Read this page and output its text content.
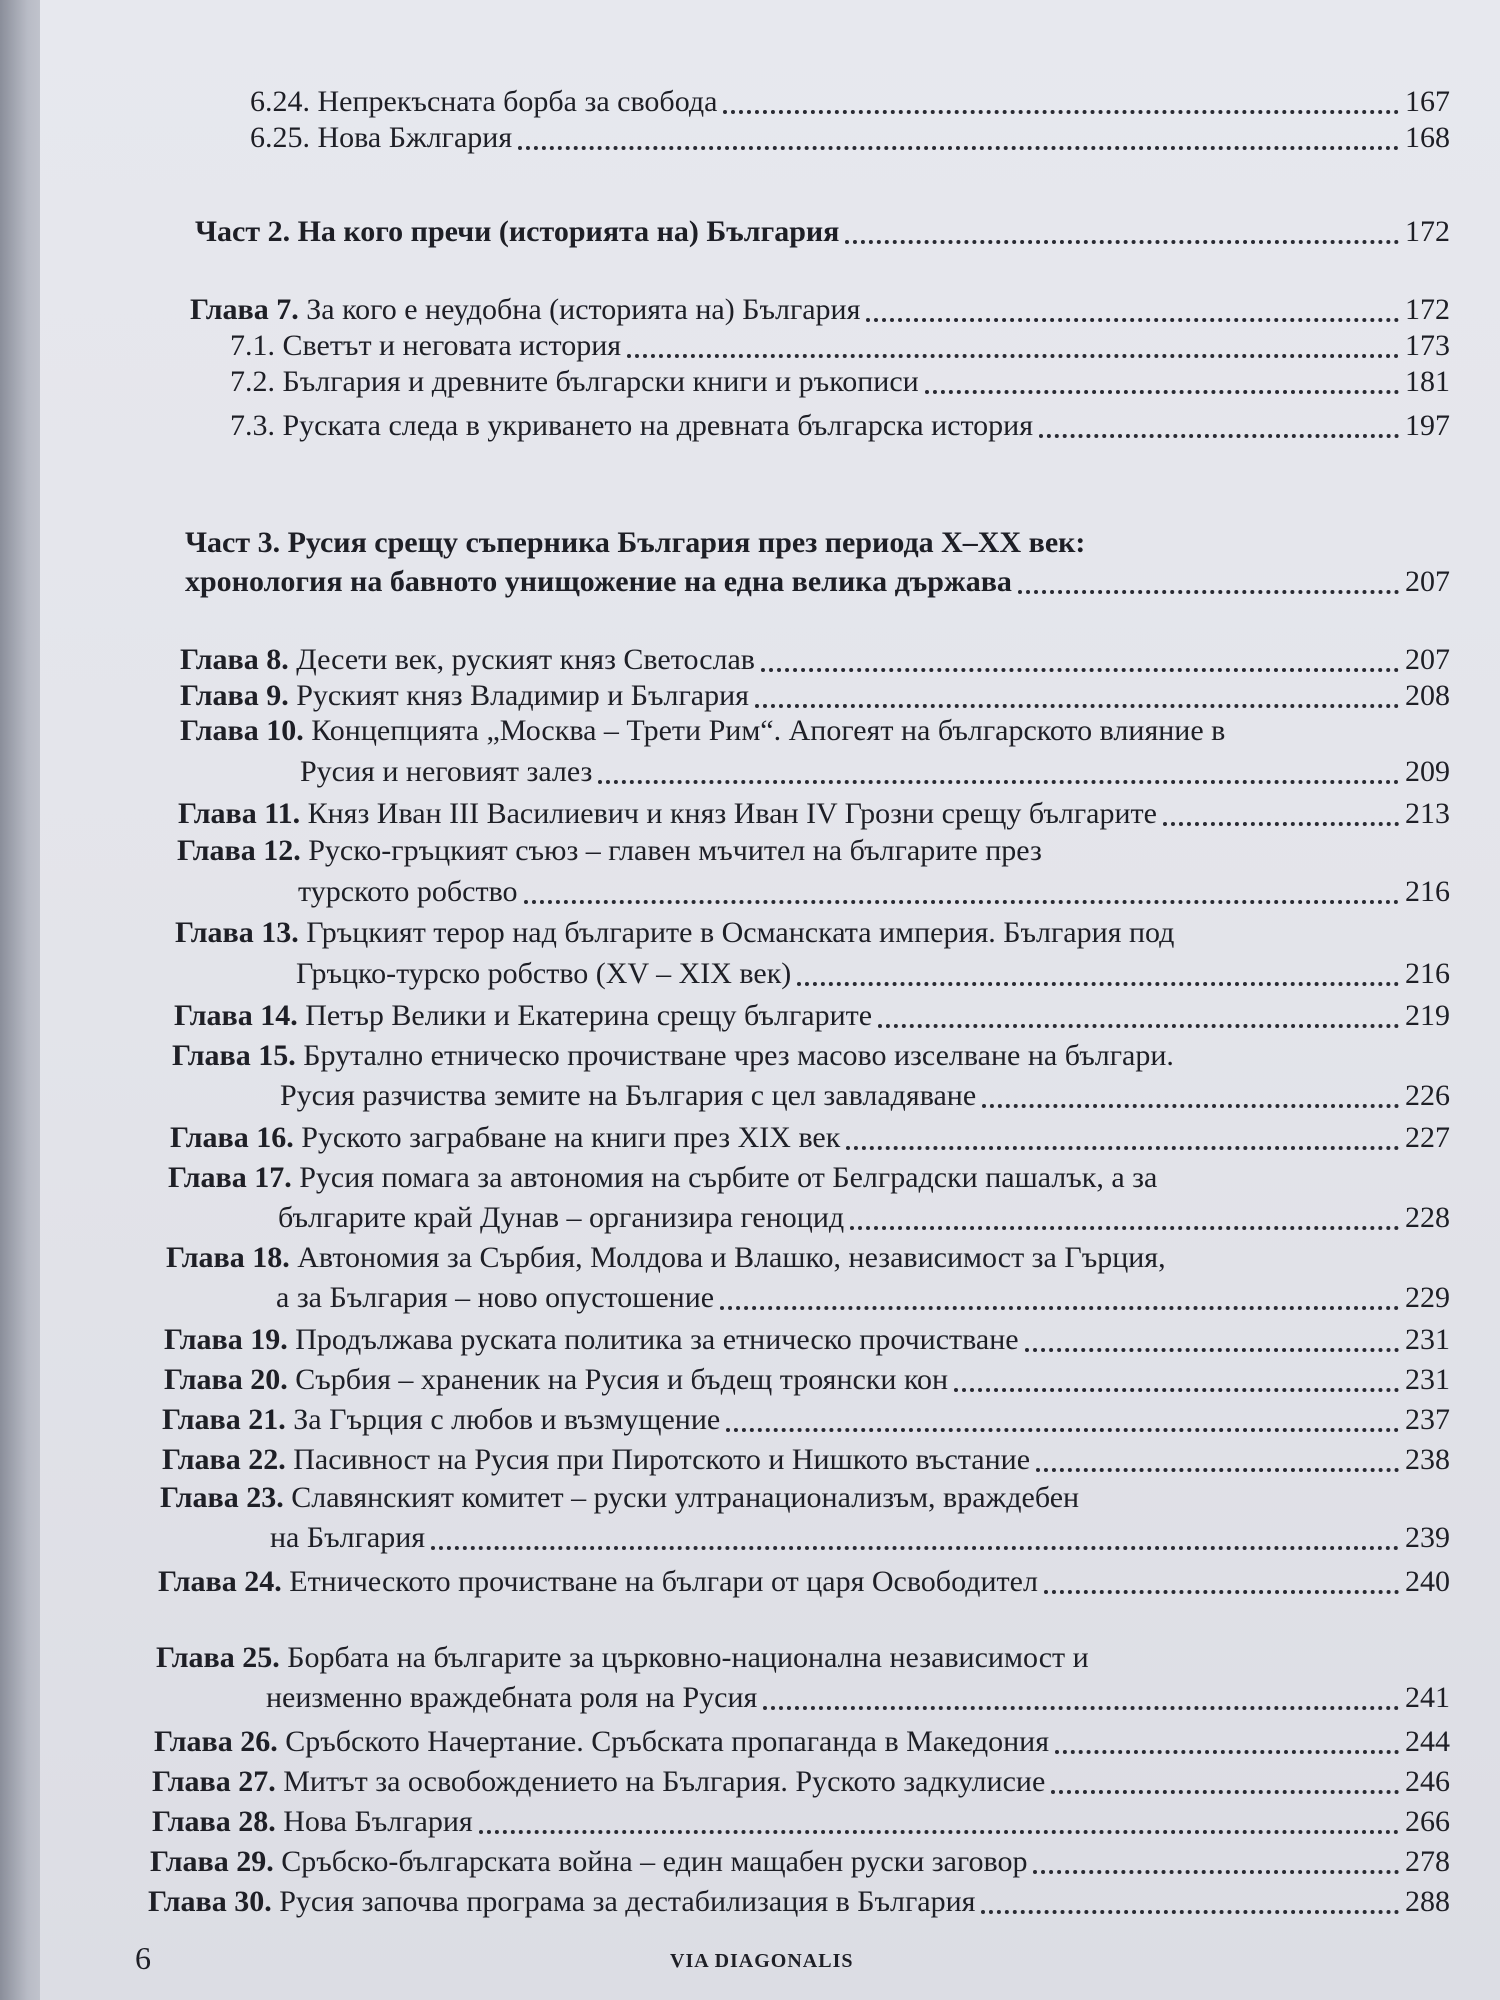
6.24. Непрекъсната борба за свобода	167
6.25. Нова Бжлгария	168
Част 2. На кого пречи (историята на) България	172
Глава 7. За кого е неудобна (историята на) България	172
7.1. Светът и неговата история	173
7.2. България и древните български книги и ръкописи	181
7.3. Руската следа в укриването на древната българска история	197
Част 3. Русия срещу съперника България през периода X–XX век:
хронология на бавното унищожение на една велика държава	207
Глава 8. Десети век, руският княз Светослав	207
Глава 9. Руският княз Владимир и България	208
Глава 10. Концепцията „Москва – Трети Рим“. Апогеят на българското влияние в
Русия и неговият залез	209
Глава 11. Княз Иван III Василиевич и княз Иван IV Грозни срещу българите	213
Глава 12. Руско-гръцкият съюз – главен мъчител на българите през
турското робство	216
Глава 13. Гръцкият терор над българите в Османската империя. България под
Гръцко-турско робство (XV – XIX век)	216
Глава 14. Петър Велики и Екатерина срещу българите	219
Глава 15. Брутално етническо прочистване чрез масово изселване на българи.
Русия разчиства земите на България с цел завладяване	226
Глава 16. Руското заграбване на книги през XIX век	227
Глава 17. Русия помага за автономия на сърбите от Белградски пашалък, а за
българите край Дунав – организира геноцид	228
Глава 18. Автономия за Сърбия, Молдова и Влашко, независимост за Гърция,
а за България – ново опустошение	229
Глава 19. Продължава руската политика за етническо прочистване	231
Глава 20. Сърбия – храненик на Русия и бъдещ троянски кон	231
Глава 21. За Гърция с любов и възмущение	237
Глава 22. Пасивност на Русия при Пиротското и Нишкото въстание	238
Глава 23. Славянският комитет – руски ултранационализъм, враждебен
на България	239
Глава 24. Етническото прочистване на българи от царя Освободител	240
Глава 25. Борбата на българите за църковно-национална независимост и
неизменно враждебната роля на Русия	241
Глава 26. Сръбското Начертание. Сръбската пропаганда в Македония	244
Глава 27. Митът за освобождението на България. Руското задкулисие	246
Глава 28. Нова България	266
Глава 29. Сръбско-българската война – един мащабен руски заговор	278
Глава 30. Русия започва програма за дестабилизация в България	288
6	VIA DIAGONALIS
